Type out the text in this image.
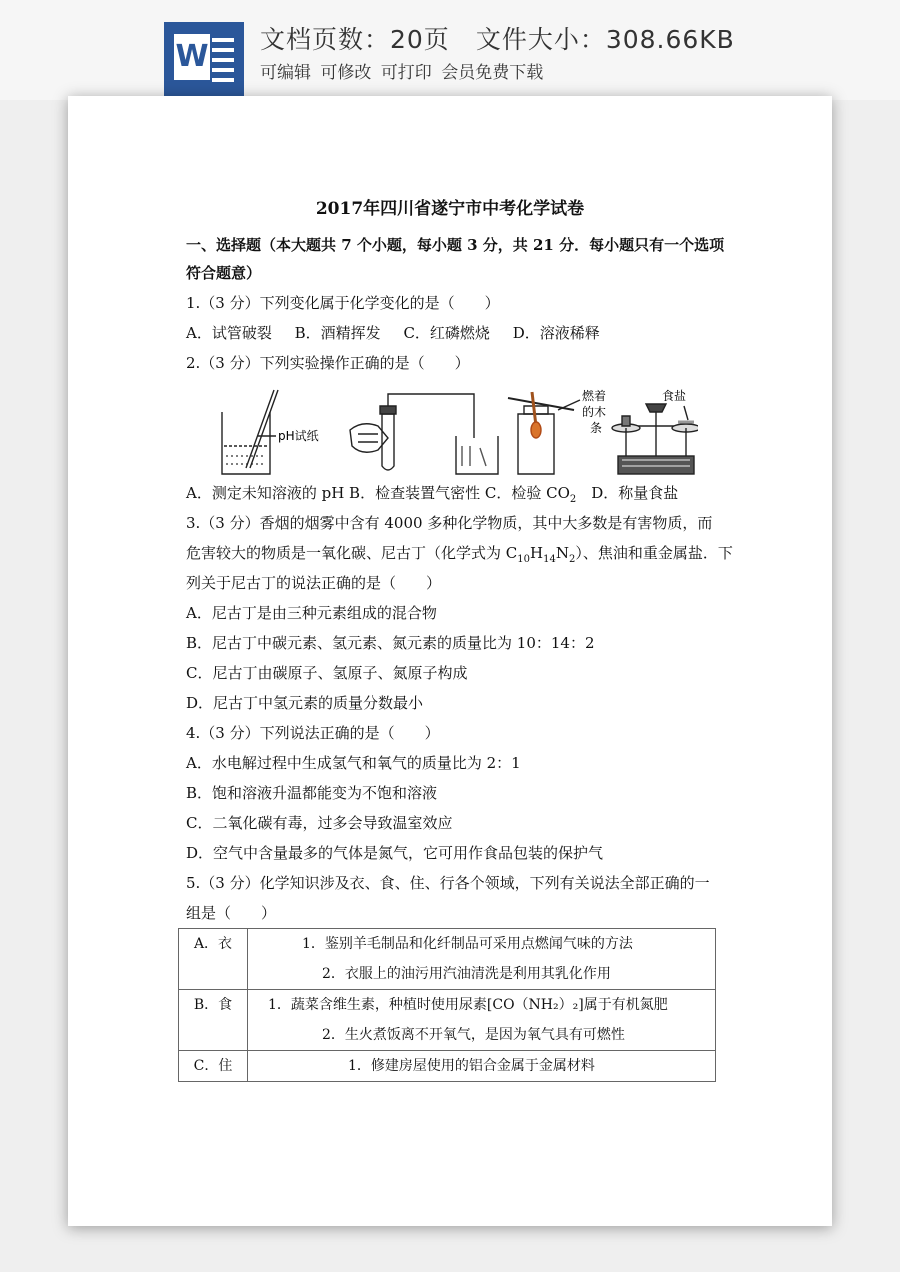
W 文档页数：20页 文件大小：308.66KB
可编辑 可修改 可打印 会员免费下载
2017年四川省遂宁市中考化学试卷
一、选择题（本大题共 7 个小题，每小题 3 分，共 21 分．每小题只有一个选项
符合题意）
1.（3 分）下列变化属于化学变化的是（　　）
A．试管破裂 B．酒精挥发 C．红磷燃烧 D．溶液稀释
2.（3 分）下列实验操作正确的是（　　）
pH试纸
燃着
的木
条
食盐
A．测定未知溶液的 pH B．检查装置气密性 C．检验 $CO_2$　D．称量食盐
3.（3 分）香烟的烟雾中含有 4000 多种化学物质，其中大多数是有害物质，而
危害较大的物质是一氧化碳、尼古丁（化学式为 $C_{10}H_{14}N_2$）、焦油和重金属盐．下
列关于尼古丁的说法正确的是（　　）
A．尼古丁是由三种元素组成的混合物
B．尼古丁中碳元素、氢元素、氮元素的质量比为 10：14：2
C．尼古丁由碳原子、氢原子、氮原子构成
D．尼古丁中氢元素的质量分数最小
4.（3 分）下列说法正确的是（　　）
A．水电解过程中生成氢气和氧气的质量比为 2：1
B．饱和溶液升温都能变为不饱和溶液
C．二氧化碳有毒，过多会导致温室效应
D．空气中含量最多的气体是氮气，它可用作食品包装的保护气
5.（3 分）化学知识涉及衣、食、住、行各个领域，下列有关说法全部正确的一
组是（　　）
A．衣	1．鉴别羊毛制品和化纤制品可采用点燃闻气味的方法
2．衣服上的油污用汽油清洗是利用其乳化作用

B．食	1．蔬菜含维生素，种植时使用尿素[CO（NH₂）₂]属于有机氮肥
2．生火煮饭离不开氧气，是因为氧气具有可燃性

C．住	1．修建房屋使用的铝合金属于金属材料
